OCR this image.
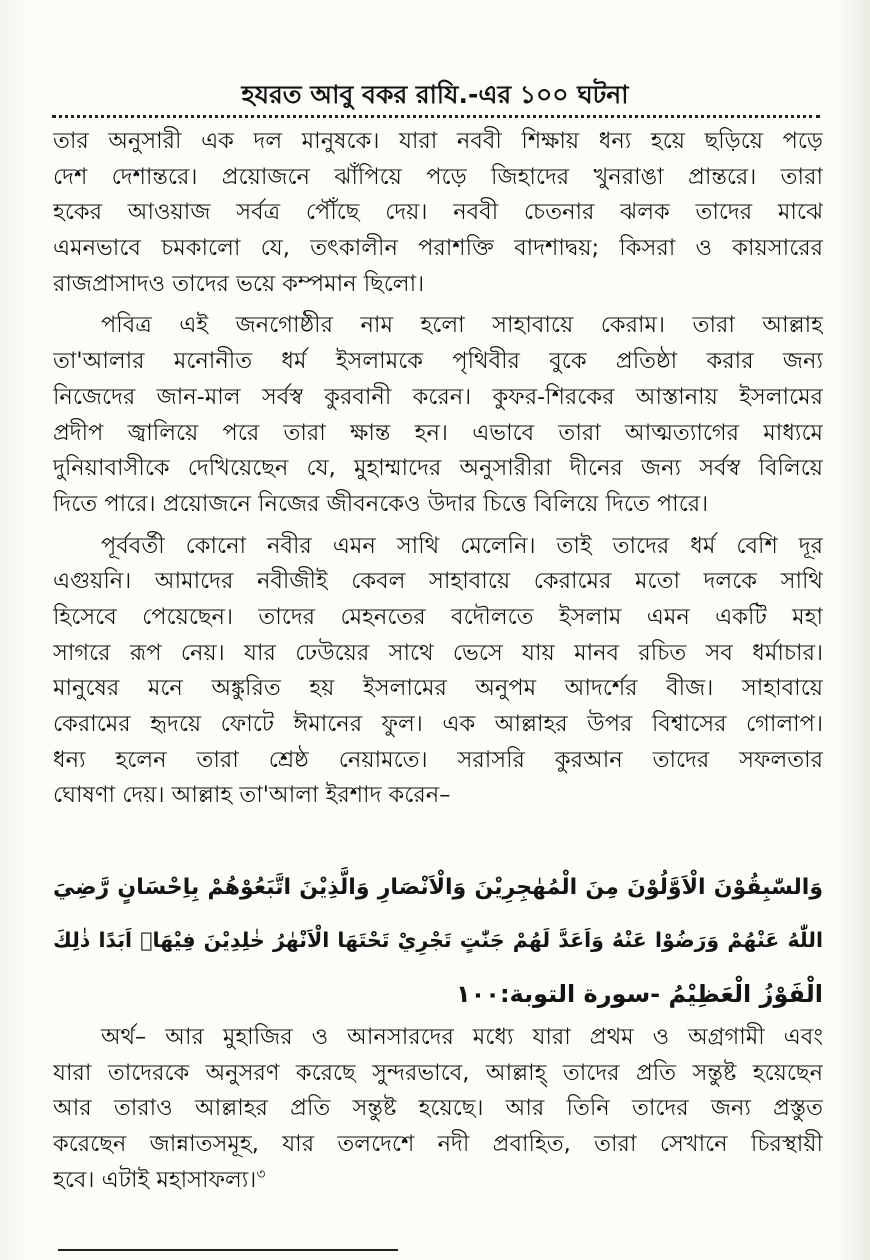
হযরত আবু বকর রাযি.-এর ১০০ ঘটনা
তার অনুসারী এক দল মানুষকে। যারা নববী শিক্ষায় ধন্য হয়ে ছড়িয়ে পড়ে
দেশ দেশান্তরে। প্রয়োজনে ঝাঁপিয়ে পড়ে জিহাদের খুনরাঙা প্রান্তরে। তারা
হকের আওয়াজ সর্বত্র পৌঁছে দেয়। নববী চেতনার ঝলক তাদের মাঝে
এমনভাবে চমকালো যে, তৎকালীন পরাশক্তি বাদশাদ্বয়; কিসরা ও কায়সারের
রাজপ্রাসাদও তাদের ভয়ে কম্পমান ছিলো।
পবিত্র এই জনগোষ্ঠীর নাম হলো সাহাবায়ে কেরাম। তারা আল্লাহ
তা'আলার মনোনীত ধর্ম ইসলামকে পৃথিবীর বুকে প্রতিষ্ঠা করার জন্য
নিজেদের জান-মাল সর্বস্ব কুরবানী করেন। কুফর-শিরকের আস্তানায় ইসলামের
প্রদীপ জ্বালিয়ে পরে তারা ক্ষান্ত হন। এভাবে তারা আত্মত্যাগের মাধ্যমে
দুনিয়াবাসীকে দেখিয়েছেন যে, মুহাম্মাদের অনুসারীরা দীনের জন্য সর্বস্ব বিলিয়ে
দিতে পারে। প্রয়োজনে নিজের জীবনকেও উদার চিত্তে বিলিয়ে দিতে পারে।
পূর্ববর্তী কোনো নবীর এমন সাথি মেলেনি। তাই তাদের ধর্ম বেশি দূর
এগুয়নি। আমাদের নবীজীই কেবল সাহাবায়ে কেরামের মতো দলকে সাথি
হিসেবে পেয়েছেন। তাদের মেহনতের বদৌলতে ইসলাম এমন একটি মহা
সাগরে রূপ নেয়। যার ঢেউয়ের সাথে ভেসে যায় মানব রচিত সব ধর্মাচার।
মানুষের মনে অঙ্কুরিত হয় ইসলামের অনুপম আদর্শের বীজ। সাহাবায়ে
কেরামের হৃদয়ে ফোটে ঈমানের ফুল। এক আল্লাহর উপর বিশ্বাসের গোলাপ।
ধন্য হলেন তারা শ্রেষ্ঠ নেয়ামতে। সরাসরি কুরআন তাদের সফলতার
ঘোষণা দেয়। আল্লাহ তা'আলা ইরশাদ করেন–
وَالسّٰبِقُوْنَ الْاَوَّلُوْنَ مِنَ الْمُهٰجِرِيْنَ وَالْاَنْصَارِ وَالَّذِيْنَ اتَّبَعُوْهُمْ بِاِحْسَانٍ رَّضِيَ
اللّٰهُ عَنْهُمْ وَرَضُوْا عَنْهُ وَاَعَدَّ لَهُمْ جَنّٰتٍ تَجْرِيْ تَحْتَهَا الْاَنْهٰرُ خٰلِدِيْنَ فِيْهَاۤ اَبَدًا ذٰلِكَ
الْفَوْزُ الْعَظِيْمُ -سورة التوبة:١٠٠
অর্থ– আর মুহাজির ও আনসারদের মধ্যে যারা প্রথম ও অগ্রগামী এবং
যারা তাদেরকে অনুসরণ করেছে সুন্দরভাবে, আল্লাহ্ তাদের প্রতি সন্তুষ্ট হয়েছেন
আর তারাও আল্লাহর প্রতি সন্তুষ্ট হয়েছে। আর তিনি তাদের জন্য প্রস্তুত
করেছেন জান্নাতসমূহ, যার তলদেশে নদী প্রবাহিত, তারা সেখানে চিরস্থায়ী
হবে। এটাই মহাসাফল্য।$^৩$
